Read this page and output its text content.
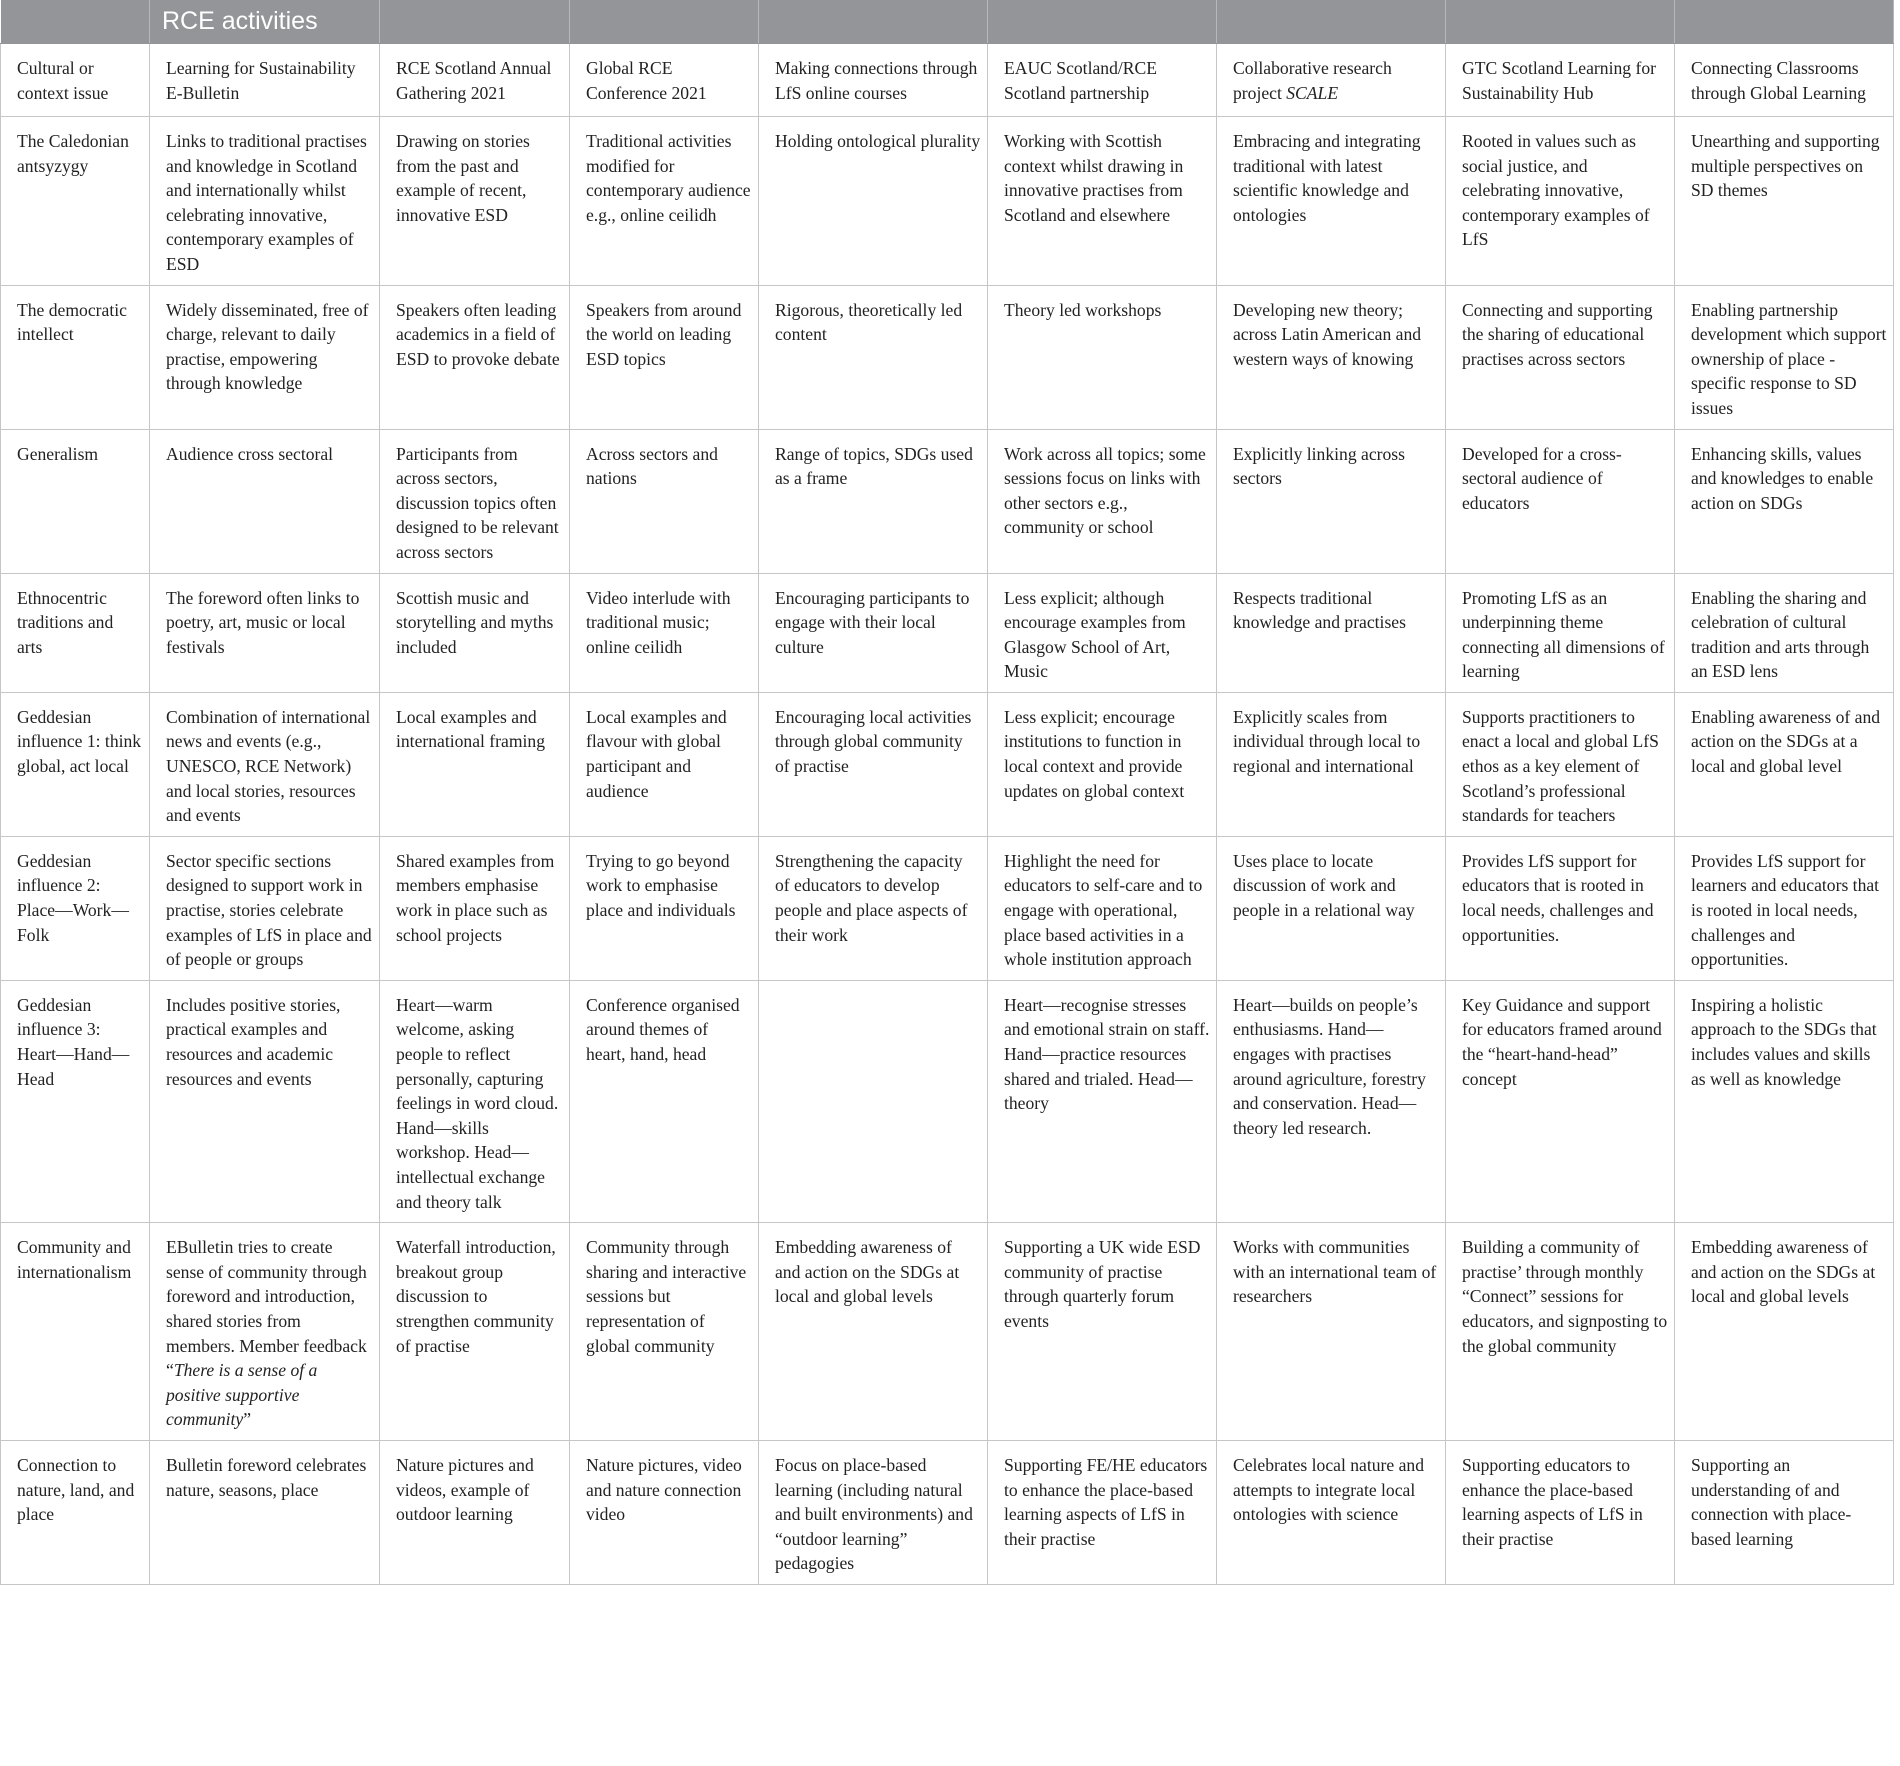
	RCE activities							
Cultural or context issue	Learning for Sustainability E-Bulletin	RCE Scotland Annual Gathering 2021	Global RCE Conference 2021	Making connections through LfS online courses	EAUC Scotland/RCE Scotland partnership	Collaborative research project SCALE	GTC Scotland Learning for Sustainability Hub	Connecting Classrooms through Global Learning
The Caledonian antsyzygy	Links to traditional practises and knowledge in Scotland and internationally whilst celebrating innovative, contemporary examples of ESD	Drawing on stories from the past and example of recent, innovative ESD	Traditional activities modified for contemporary audience e.g., online ceilidh	Holding ontological plurality	Working with Scottish context whilst drawing in innovative practises from Scotland and elsewhere	Embracing and integrating traditional with latest scientific knowledge and ontologies	Rooted in values such as social justice, and celebrating innovative, contemporary examples of LfS	Unearthing and supporting multiple perspectives on SD themes
The democratic intellect	Widely disseminated, free of charge, relevant to daily practise, empowering through knowledge	Speakers often leading academics in a field of ESD to provoke debate	Speakers from around the world on leading ESD topics	Rigorous, theoretically led content	Theory led workshops	Developing new theory; across Latin American and western ways of knowing	Connecting and supporting the sharing of educational practises across sectors	Enabling partnership development which support ownership of place -specific response to SD issues
Generalism	Audience cross sectoral	Participants from across sectors, discussion topics often designed to be relevant across sectors	Across sectors and nations	Range of topics, SDGs used as a frame	Work across all topics; some sessions focus on links with other sectors e.g., community or school	Explicitly linking across sectors	Developed for a cross-sectoral audience of educators	Enhancing skills, values and knowledges to enable action on SDGs
Ethnocentric traditions and arts	The foreword often links to poetry, art, music or local festivals	Scottish music and storytelling and myths included	Video interlude with traditional music; online ceilidh	Encouraging participants to engage with their local culture	Less explicit; although encourage examples from Glasgow School of Art, Music	Respects traditional knowledge and practises	Promoting LfS as an underpinning theme connecting all dimensions of learning	Enabling the sharing and celebration of cultural tradition and arts through an ESD lens
Geddesian influence 1: think global, act local	Combination of international news and events (e.g., UNESCO, RCE Network) and local stories, resources and events	Local examples and international framing	Local examples and flavour with global participant and audience	Encouraging local activities through global community of practise	Less explicit; encourage institutions to function in local context and provide updates on global context	Explicitly scales from individual through local to regional and international	Supports practitioners to enact a local and global LfS ethos as a key element of Scotland’s professional standards for teachers	Enabling awareness of and action on the SDGs at a local and global level
Geddesian influence 2: Place—Work—Folk	Sector specific sections designed to support work in practise, stories celebrate examples of LfS in place and of people or groups	Shared examples from members emphasise work in place such as school projects	Trying to go beyond work to emphasise place and individuals	Strengthening the capacity of educators to develop people and place aspects of their work	Highlight the need for educators to self-care and to engage with operational, place based activities in a whole institution approach	Uses place to locate discussion of work and people in a relational way	Provides LfS support for educators that is rooted in local needs, challenges and opportunities.	Provides LfS support for learners and educators that is rooted in local needs, challenges and opportunities.
Geddesian influence 3: Heart—Hand—Head	Includes positive stories, practical examples and resources and academic resources and events	Heart—warm welcome, asking people to reflect personally, capturing feelings in word cloud. Hand—skills workshop. Head—intellectual exchange and theory talk	Conference organised around themes of heart, hand, head		Heart—recognise stresses and emotional strain on staff. Hand—practice resources shared and trialed. Head—theory	Heart—builds on people’s enthusiasms. Hand—engages with practises around agriculture, forestry and conservation. Head—theory led research.	Key Guidance and support for educators framed around the “heart-hand-head” concept	Inspiring a holistic approach to the SDGs that includes values and skills as well as knowledge
Community and internationalism	EBulletin tries to create sense of community through foreword and introduction, shared stories from members. Member feedback “There is a sense of a positive supportive community”	Waterfall introduction, breakout group discussion to strengthen community of practise	Community through sharing and interactive sessions but representation of global community	Embedding awareness of and action on the SDGs at local and global levels	Supporting a UK wide ESD community of practise through quarterly forum events	Works with communities with an international team of researchers	Building a community of practise’ through monthly “Connect” sessions for educators, and signposting to the global community	Embedding awareness of and action on the SDGs at local and global levels
Connection to nature, land, and place	Bulletin foreword celebrates nature, seasons, place	Nature pictures and videos, example of outdoor learning	Nature pictures, video and nature connection video	Focus on place-based learning (including natural and built environments) and “outdoor learning” pedagogies	Supporting FE/HE educators to enhance the place-based learning aspects of LfS in their practise	Celebrates local nature and attempts to integrate local ontologies with science	Supporting educators to enhance the place-based learning aspects of LfS in their practise	Supporting an understanding of and connection with place-based learning
